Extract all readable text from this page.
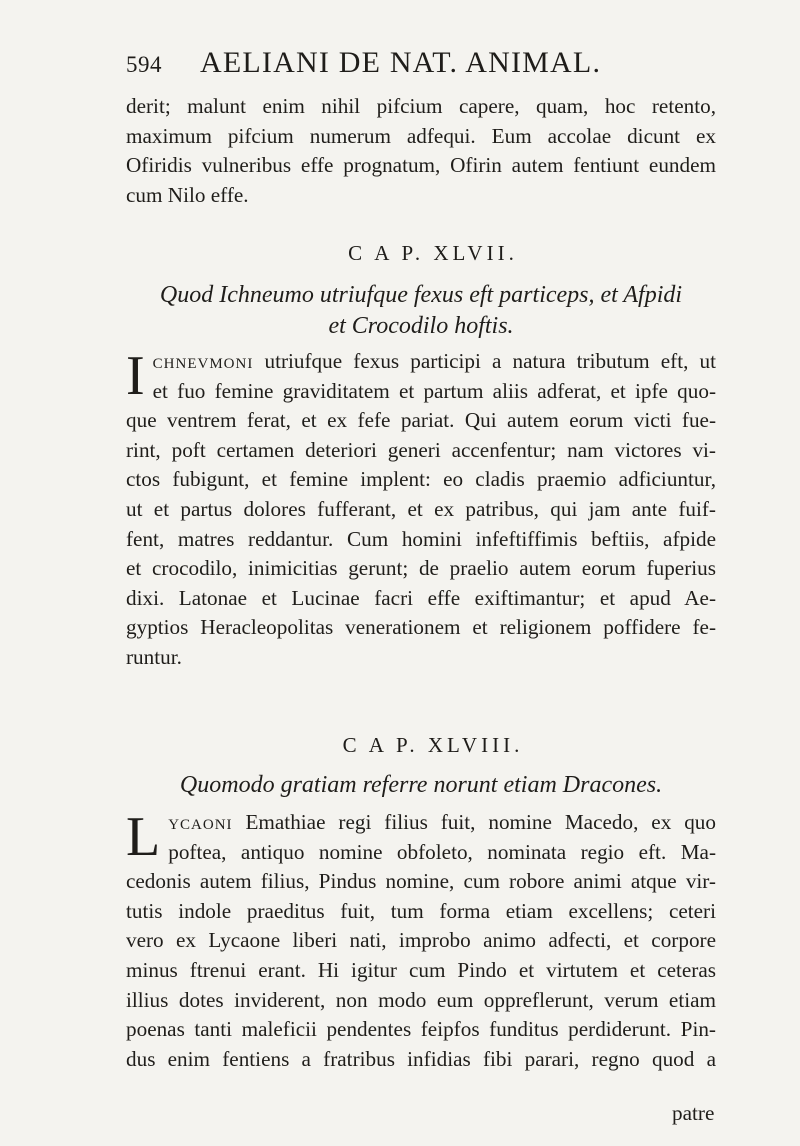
594 AELIANI DE NAT. ANIMAL.
derit; malunt enim nihil pifcium capere, quam, hoc retento,
maximum pifcium numerum adfequi. Eum accolae dicunt ex
Ofiridis vulneribus effe prognatum, Ofirin autem fentiunt eundem
cum Nilo effe.
C A P. XLVII.
Quod Ichneumo utriufque fexus eft particeps, et Afpidi
et Crocodilo hoftis.
I chnevmoni utriufque fexus participi a natura tributum eft, ut
et fuo femine graviditatem et partum aliis adferat, et ipfe quo-
que ventrem ferat, et ex fefe pariat. Qui autem eorum victi fue-
rint, poft certamen deteriori generi accenfentur; nam victores vi-
ctos fubigunt, et femine implent: eo cladis praemio adficiuntur,
ut et partus dolores fufferant, et ex patribus, qui jam ante fuif-
fent, matres reddantur. Cum homini infeftiffimis beftiis, afpide
et crocodilo, inimicitias gerunt; de praelio autem eorum fuperius
dixi. Latonae et Lucinae facri effe exiftimantur; et apud Ae-
gyptios Heracleopolitas venerationem et religionem poffidere fe-
runtur.
C A P. XLVIII.
Quomodo gratiam referre norunt etiam Dracones.
L ycaoni Emathiae regi filius fuit, nomine Macedo, ex quo
poftea, antiquo nomine obfoleto, nominata regio eft. Ma-
cedonis autem filius, Pindus nomine, cum robore animi atque vir-
tutis indole praeditus fuit, tum forma etiam excellens; ceteri
vero ex Lycaone liberi nati, improbo animo adfecti, et corpore
minus ftrenui erant. Hi igitur cum Pindo et virtutem et ceteras
illius dotes inviderent, non modo eum oppreflerunt, verum etiam
poenas tanti maleficii pendentes feipfos funditus perdiderunt. Pin-
dus enim fentiens a fratribus infidias fibi parari, regno quod a
patre
